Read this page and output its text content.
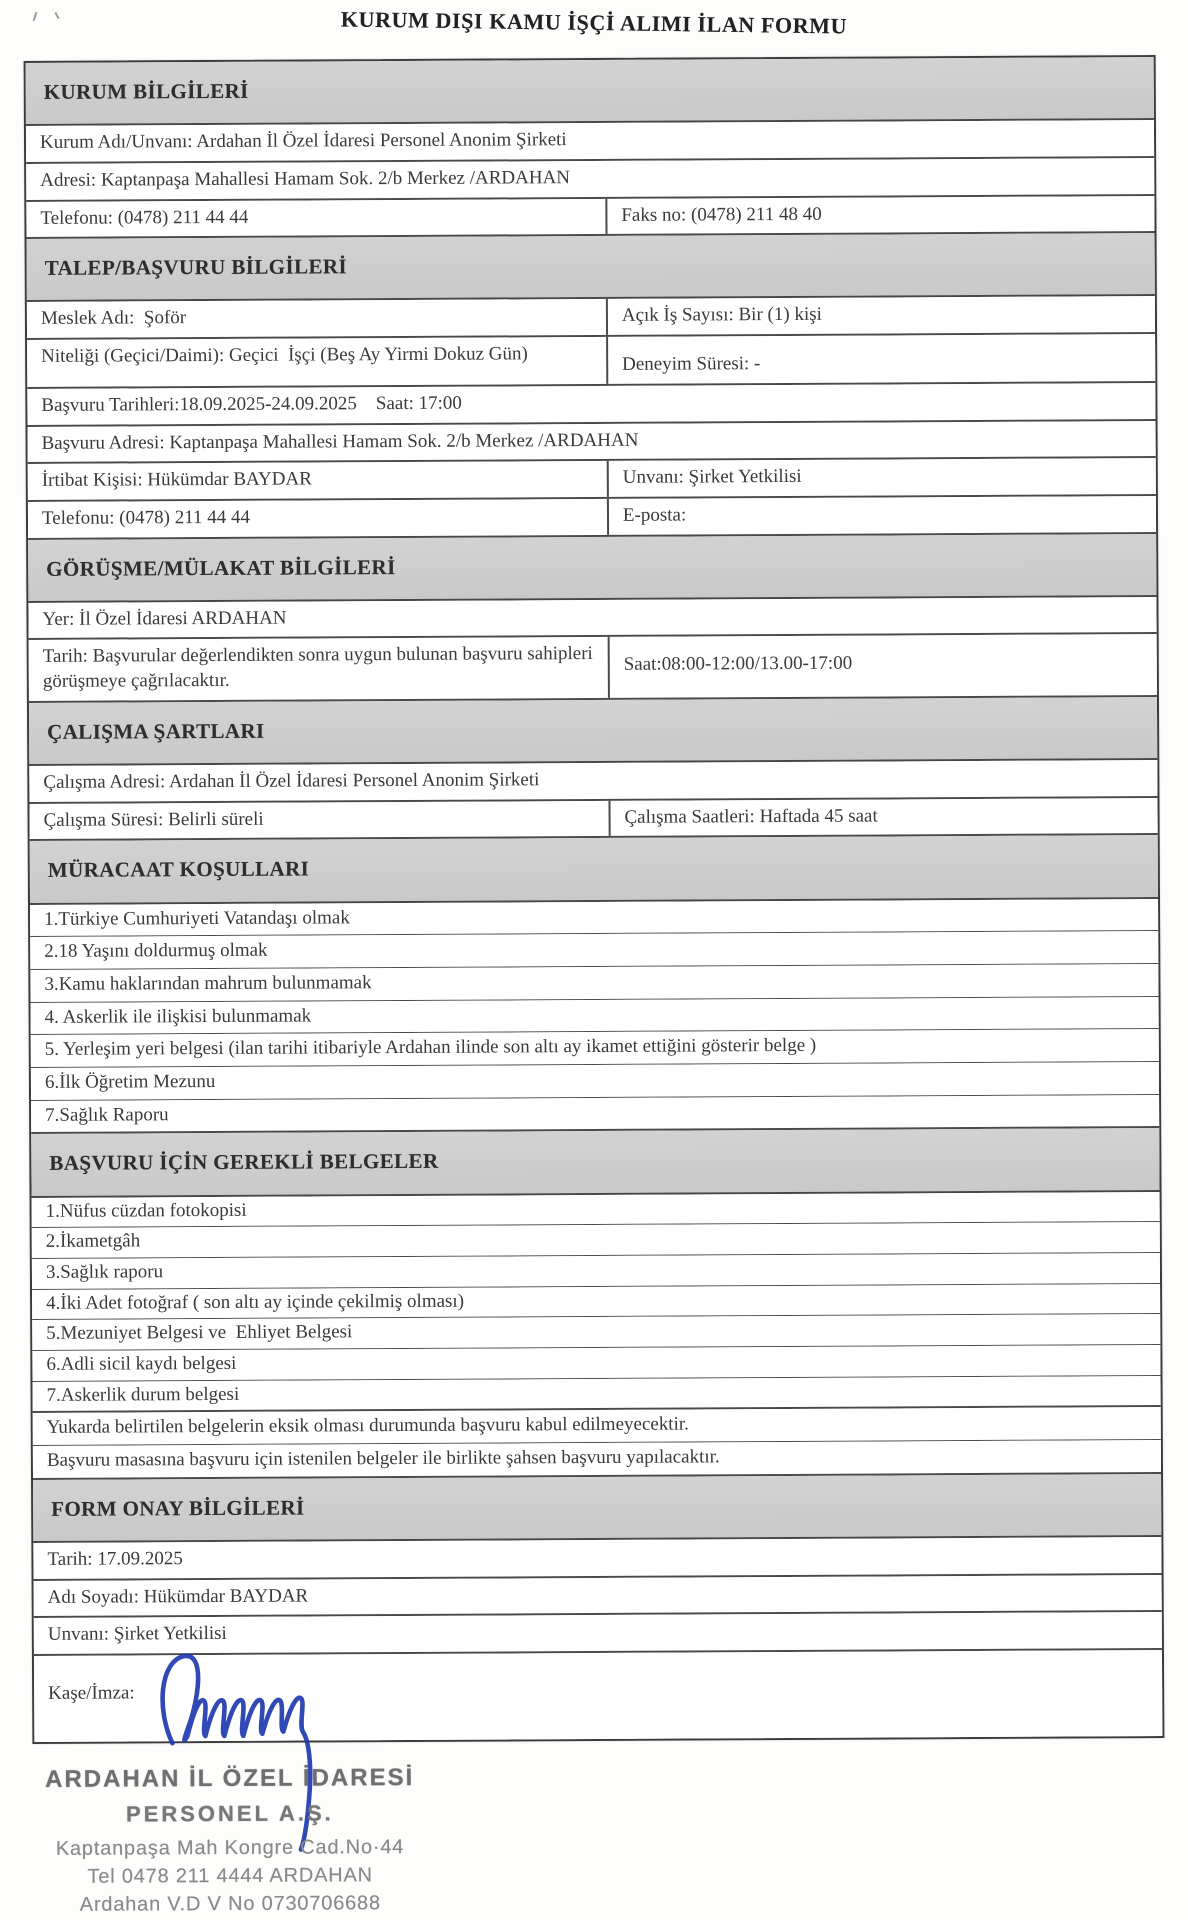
KURUM DIŞI KAMU İŞÇİ ALIMI İLAN FORMU
KURUM BİLGİLERİ
Kurum Adı/Unvanı: Ardahan İl Özel İdaresi Personel Anonim Şirketi
Adresi: Kaptanpaşa Mahallesi Hamam Sok. 2/b Merkez /ARDAHAN
Telefonu: (0478) 211 44 44	Faks no: (0478) 211 48 40
TALEP/BAŞVURU BİLGİLERİ
Meslek Adı:  Şoför	Açık İş Sayısı: Bir (1) kişi
Niteliği (Geçici/Daimi): Geçici  İşçi (Beş Ay Yirmi Dokuz Gün)	Deneyim Süresi: -
Başvuru Tarihleri:18.09.2025-24.09.2025    Saat: 17:00
Başvuru Adresi: Kaptanpaşa Mahallesi Hamam Sok. 2/b Merkez /ARDAHAN
İrtibat Kişisi: Hükümdar BAYDAR	Unvanı: Şirket Yetkilisi
Telefonu: (0478) 211 44 44	E-posta:
GÖRÜŞME/MÜLAKAT BİLGİLERİ
Yer: İl Özel İdaresi ARDAHAN
Tarih: Başvurular değerlendikten sonra uygun bulunan başvuru sahipleri görüşmeye çağrılacaktır.
Saat:08:00-12:00/13.00-17:00
ÇALIŞMA ŞARTLARI
Çalışma Adresi: Ardahan İl Özel İdaresi Personel Anonim Şirketi
Çalışma Süresi: Belirli süreli	Çalışma Saatleri: Haftada 45 saat
MÜRACAAT KOŞULLARI
1.Türkiye Cumhuriyeti Vatandaşı olmak
2.18 Yaşını doldurmuş olmak
3.Kamu haklarından mahrum bulunmamak
4. Askerlik ile ilişkisi bulunmamak
5. Yerleşim yeri belgesi (ilan tarihi itibariyle Ardahan ilinde son altı ay ikamet ettiğini gösterir belge )
6.İlk Öğretim Mezunu
7.Sağlık Raporu
BAŞVURU İÇİN GEREKLİ BELGELER
1.Nüfus cüzdan fotokopisi
2.İkametgâh
3.Sağlık raporu
4.İki Adet fotoğraf ( son altı ay içinde çekilmiş olması)
5.Mezuniyet Belgesi ve  Ehliyet Belgesi
6.Adli sicil kaydı belgesi
7.Askerlik durum belgesi
Yukarda belirtilen belgelerin eksik olması durumunda başvuru kabul edilmeyecektir.
Başvuru masasına başvuru için istenilen belgeler ile birlikte şahsen başvuru yapılacaktır.
FORM ONAY BİLGİLERİ
Tarih: 17.09.2025
Adı Soyadı: Hükümdar BAYDAR
Unvanı: Şirket Yetkilisi
Kaşe/İmza:
ARDAHAN İL ÖZEL İDARESİ
PERSONEL A.Ş.
Kaptanpaşa Mah Kongre Cad.No·44
Tel 0478 211 4444 ARDAHAN
Ardahan V.D V No 0730706688
